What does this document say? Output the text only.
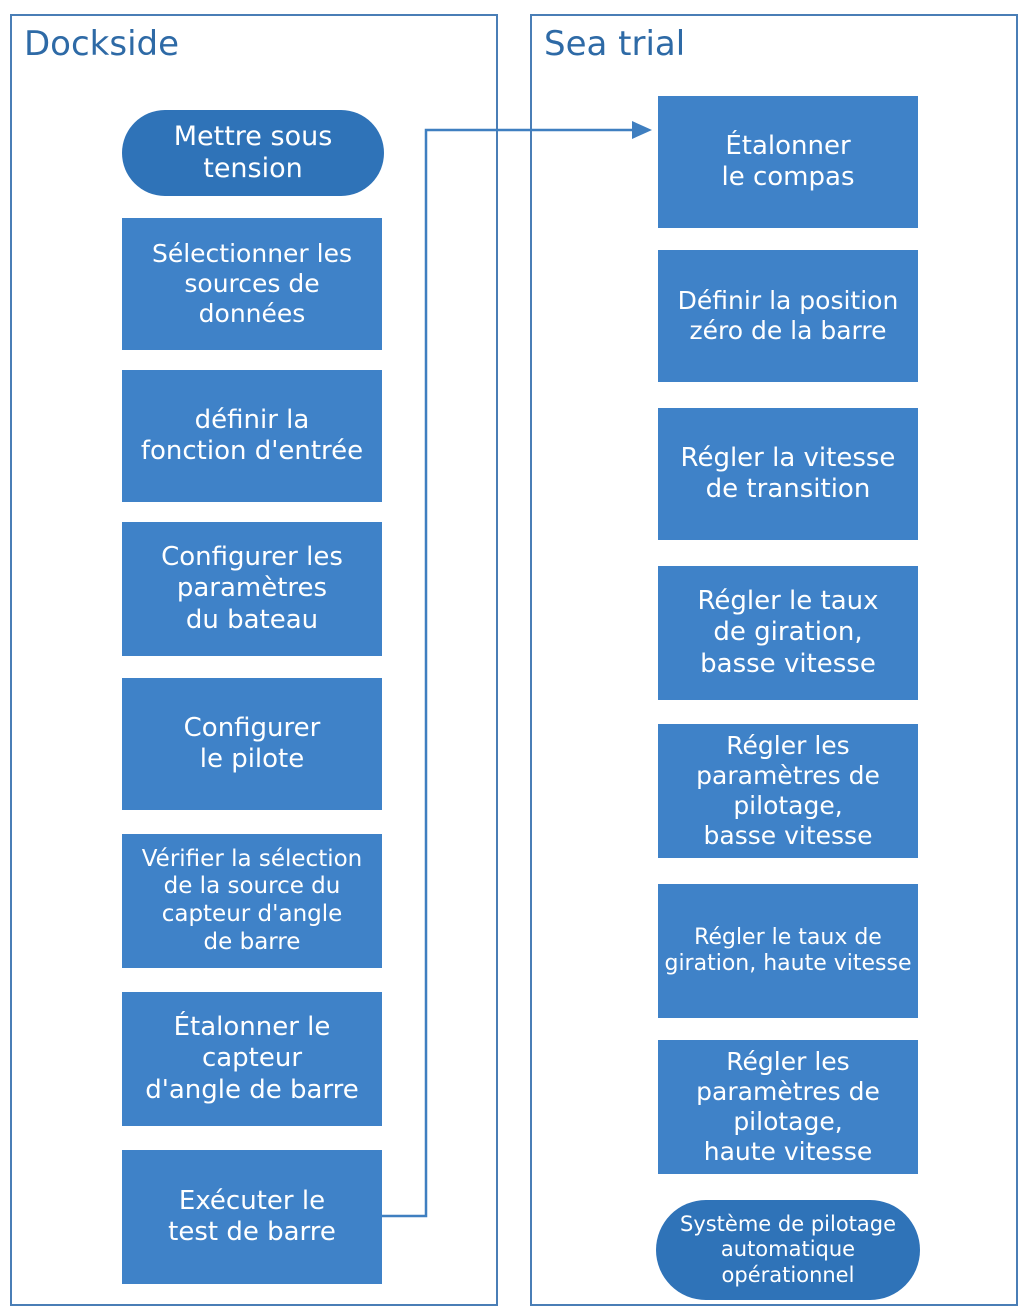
Dockside	Sea trial
Mettre sous
tension
Sélectionner les
sources de données
définir la
fonction d'entrée
Configurer les
paramètres
du bateau
Configurer
le pilote
Vérifier la sélection
de la source du
capteur d'angle
de barre
Étalonner le
capteur
d'angle de barre
Exécuter le
test de barre
Étalonner
le compas
Définir la position
zéro de la barre
Régler la vitesse
de transition
Régler le taux
de giration,
basse vitesse
Régler les
paramètres de
pilotage,
basse vitesse
Régler le taux de
giration, haute vitesse
Régler les
paramètres de
pilotage,
haute vitesse
Système de pilotage
automatique
opérationnel
